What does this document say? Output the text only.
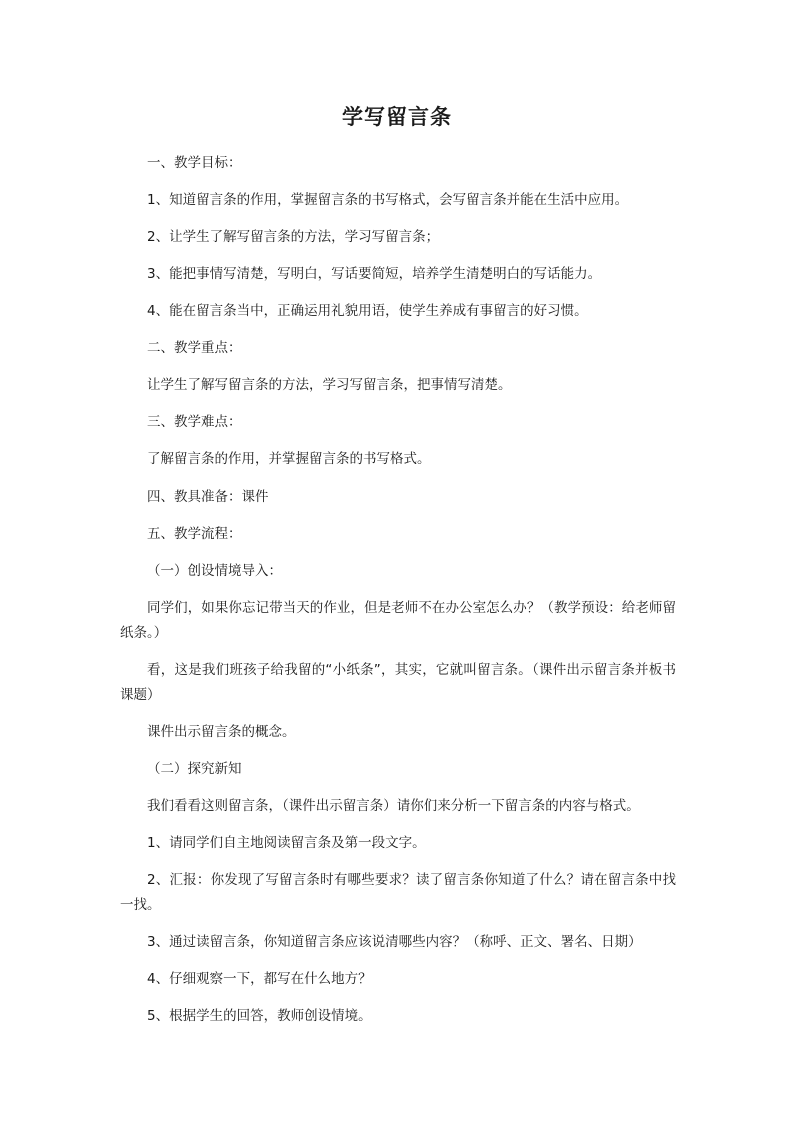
学写留言条

一、教学目标：

1、知道留言条的作用，掌握留言条的书写格式，会写留言条并能在生活中应用。

2、让学生了解写留言条的方法，学习写留言条；

3、能把事情写清楚，写明白，写话要简短，培养学生清楚明白的写话能力。

4、能在留言条当中，正确运用礼貌用语，使学生养成有事留言的好习惯。

二、教学重点：

让学生了解写留言条的方法，学习写留言条，把事情写清楚。

三、教学难点：

了解留言条的作用，并掌握留言条的书写格式。

四、教具准备：课件

五、教学流程：

（一）创设情境导入：

同学们，如果你忘记带当天的作业，但是老师不在办公室怎么办？（教学预设：给老师留纸条。）

看，这是我们班孩子给我留的“小纸条”，其实，它就叫留言条。（课件出示留言条并板书课题）

课件出示留言条的概念。

（二）探究新知

我们看看这则留言条，（课件出示留言条）请你们来分析一下留言条的内容与格式。

1、请同学们自主地阅读留言条及第一段文字。

2、汇报：你发现了写留言条时有哪些要求？读了留言条你知道了什么？请在留言条中找一找。

3、通过读留言条，你知道留言条应该说清哪些内容？（称呼、正文、署名、日期）

4、仔细观察一下，都写在什么地方？

5、根据学生的回答，教师创设情境。
